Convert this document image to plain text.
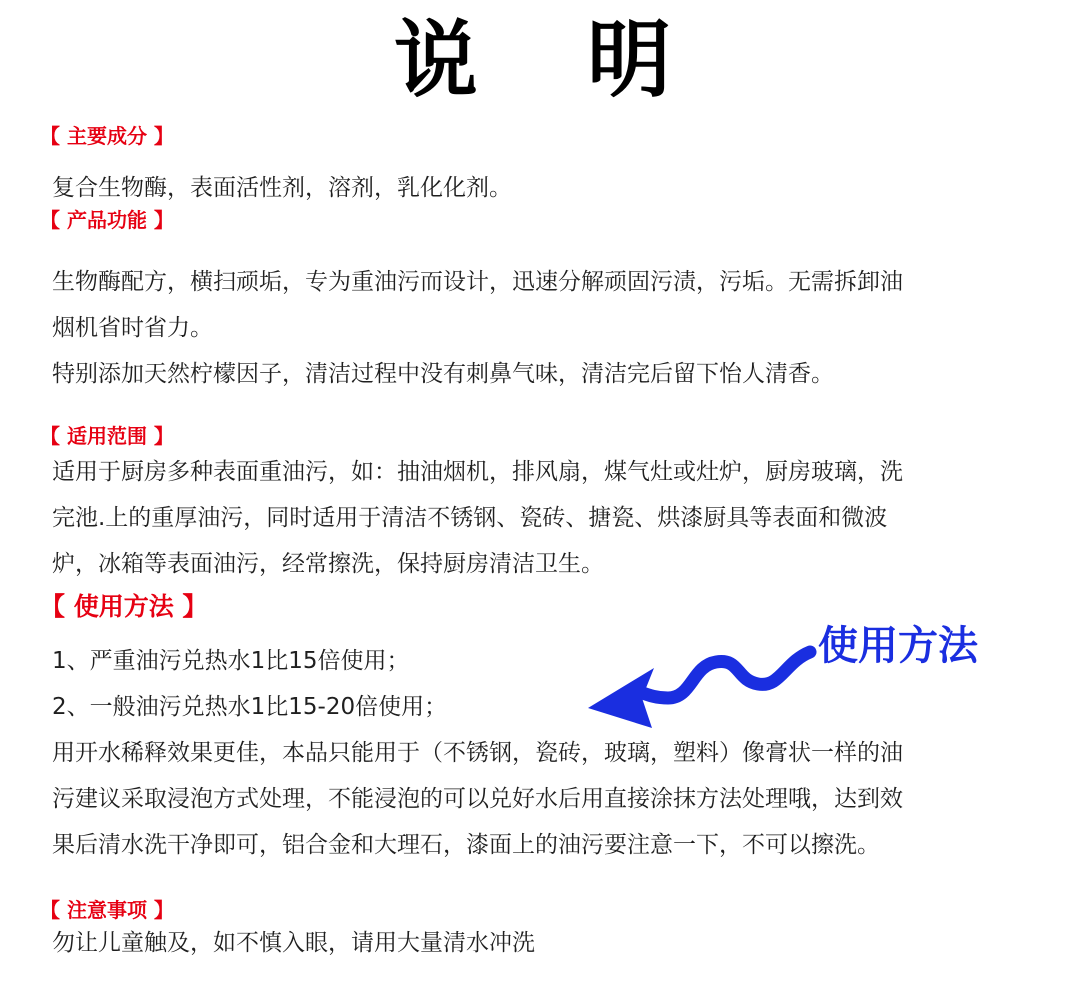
说 明
【 主要成分 】
复合生物酶，表面活性剂，溶剂，乳化化剂。
【 产品功能 】
生物酶配方，横扫顽垢，专为重油污而设计，迅速分解顽固污渍，污垢。无需拆卸油
烟机省时省力。
特别添加天然柠檬因子，清洁过程中没有刺鼻气味，清洁完后留下怡人清香。
【 适用范围 】
适用于厨房多种表面重油污，如：抽油烟机，排风扇，煤气灶或灶炉，厨房玻璃，洗
完池.上的重厚油污，同时适用于清洁不锈钢、瓷砖、搪瓷、烘漆厨具等表面和微波
炉，冰箱等表面油污，经常擦洗，保持厨房清洁卫生。
【 使用方法 】
1、严重油污兑热水1比15倍使用；
2、一般油污兑热水1比15-20倍使用；
用开水稀释效果更佳，本品只能用于（不锈钢，瓷砖，玻璃，塑料）像膏状一样的油
污建议采取浸泡方式处理，不能浸泡的可以兑好水后用直接涂抹方法处理哦，达到效
果后清水洗干净即可，铝合金和大理石，漆面上的油污要注意一下，不可以擦洗。
使用方法
【 注意事项 】
勿让儿童触及，如不慎入眼，请用大量清水冲洗
